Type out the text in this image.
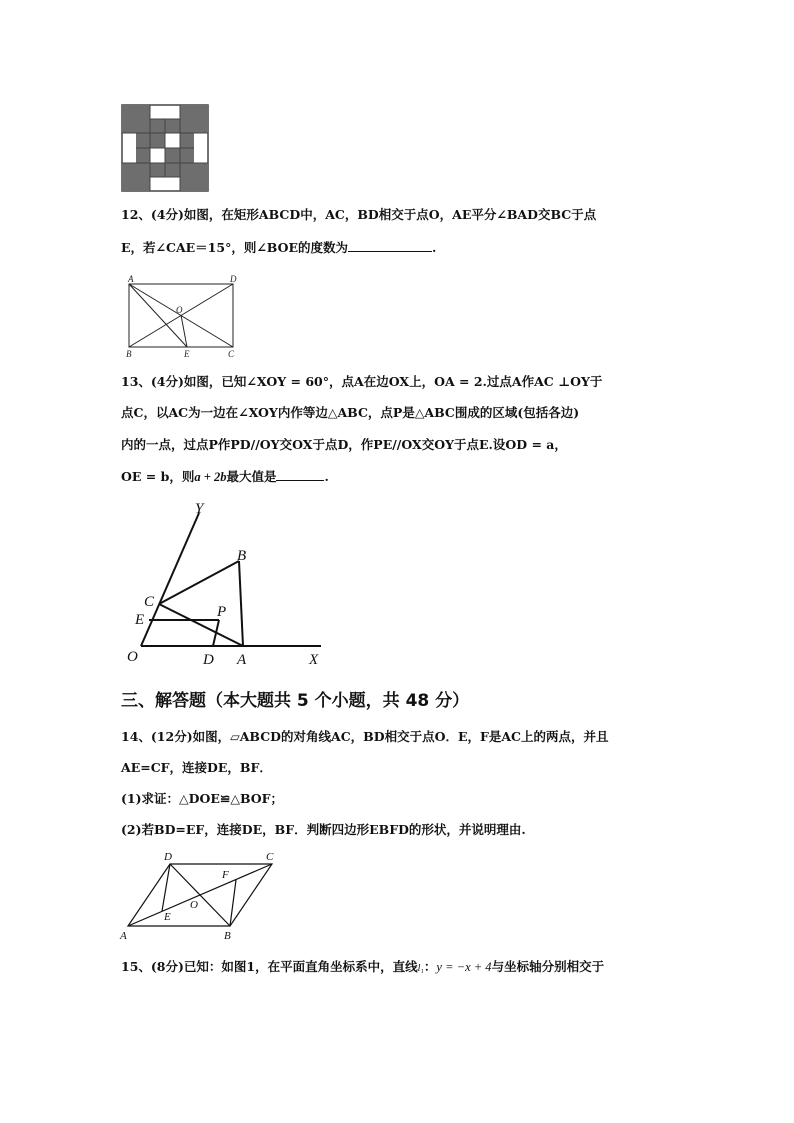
12、(4分)如图，在矩形ABCD中，AC，BD相交于点O，AE平分∠BAD交BC于点
E，若∠CAE＝15°，则∠BOE的度数为	.
A	D
O
B	E	C
13、(4分)如图，已知∠XOY = 60°，点A在边OX上，OA = 2.过点A作AC ⊥OY于
点C，以AC为一边在∠XOY内作等边△ABC，点P是△ABC围成的区域(包括各边)
内的一点，过点P作PD//OY交OX于点D，作PE//OX交OY于点E.设OD = a，
OE = b，则a + 2b最大值是	.
Y
B
C
P
E
O	D A	X
三、解答题（本大题共 5 个小题，共 48 分）
14、(12分)如图，▱ABCD的对角线AC，BD相交于点O．E，F是AC上的两点，并且
AE=CF，连接DE，BF．
(1)求证：△DOE≌△BOF；
(2)若BD=EF，连接DE，BF．判断四边形EBFD的形状，并说明理由.
D	C
F
O
E
A	B
15、(8分)已知：如图1，在平面直角坐标系中，直线l₁：y = −x + 4与坐标轴分别相交于
